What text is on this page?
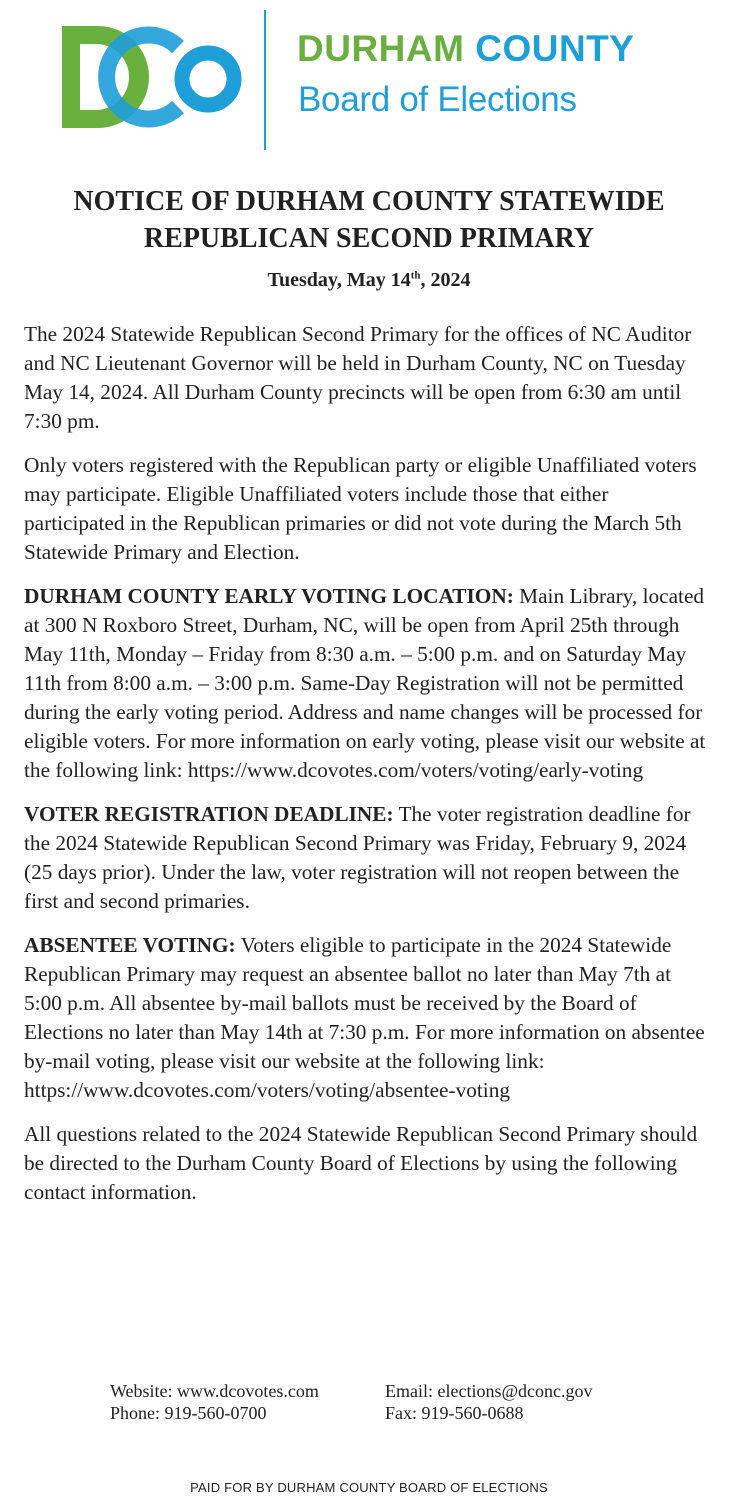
DURHAM COUNTY
Board of Elections
NOTICE OF DURHAM COUNTY STATEWIDE
REPUBLICAN SECOND PRIMARY
Tuesday, May 14th, 2024

The 2024 Statewide Republican Second Primary for the offices of NC Auditor and NC Lieutenant Governor will be held in Durham County, NC on Tuesday May 14, 2024. All Durham County precincts will be open from 6:30 am until 7:30 pm.

Only voters registered with the Republican party or eligible Unaffiliated voters may participate. Eligible Unaffiliated voters include those that either participated in the Republican primaries or did not vote during the March 5th Statewide Primary and Election.

DURHAM COUNTY EARLY VOTING LOCATION: Main Library, located at 300 N Roxboro Street, Durham, NC, will be open from April 25th through May 11th, Monday – Friday from 8:30 a.m. – 5:00 p.m. and on Saturday May 11th from 8:00 a.m. – 3:00 p.m. Same-Day Registration will not be permitted during the early voting period. Address and name changes will be processed for eligible voters. For more information on early voting, please visit our website at the following link: https://www.dcovotes.com/voters/voting/early-voting

VOTER REGISTRATION DEADLINE: The voter registration deadline for the 2024 Statewide Republican Second Primary was Friday, February 9, 2024 (25 days prior). Under the law, voter registration will not reopen between the first and second primaries.

ABSENTEE VOTING: Voters eligible to participate in the 2024 Statewide Republican Primary may request an absentee ballot no later than May 7th at 5:00 p.m. All absentee by-mail ballots must be received by the Board of Elections no later than May 14th at 7:30 p.m. For more information on absentee by-mail voting, please visit our website at the following link: https://www.dcovotes.com/voters/voting/absentee-voting

All questions related to the 2024 Statewide Republican Second Primary should be directed to the Durham County Board of Elections by using the following contact information.

Website: www.dcovotes.com
Phone: 919-560-0700
Email: elections@dconc.gov
Fax: 919-560-0688
PAID FOR BY DURHAM COUNTY BOARD OF ELECTIONS
